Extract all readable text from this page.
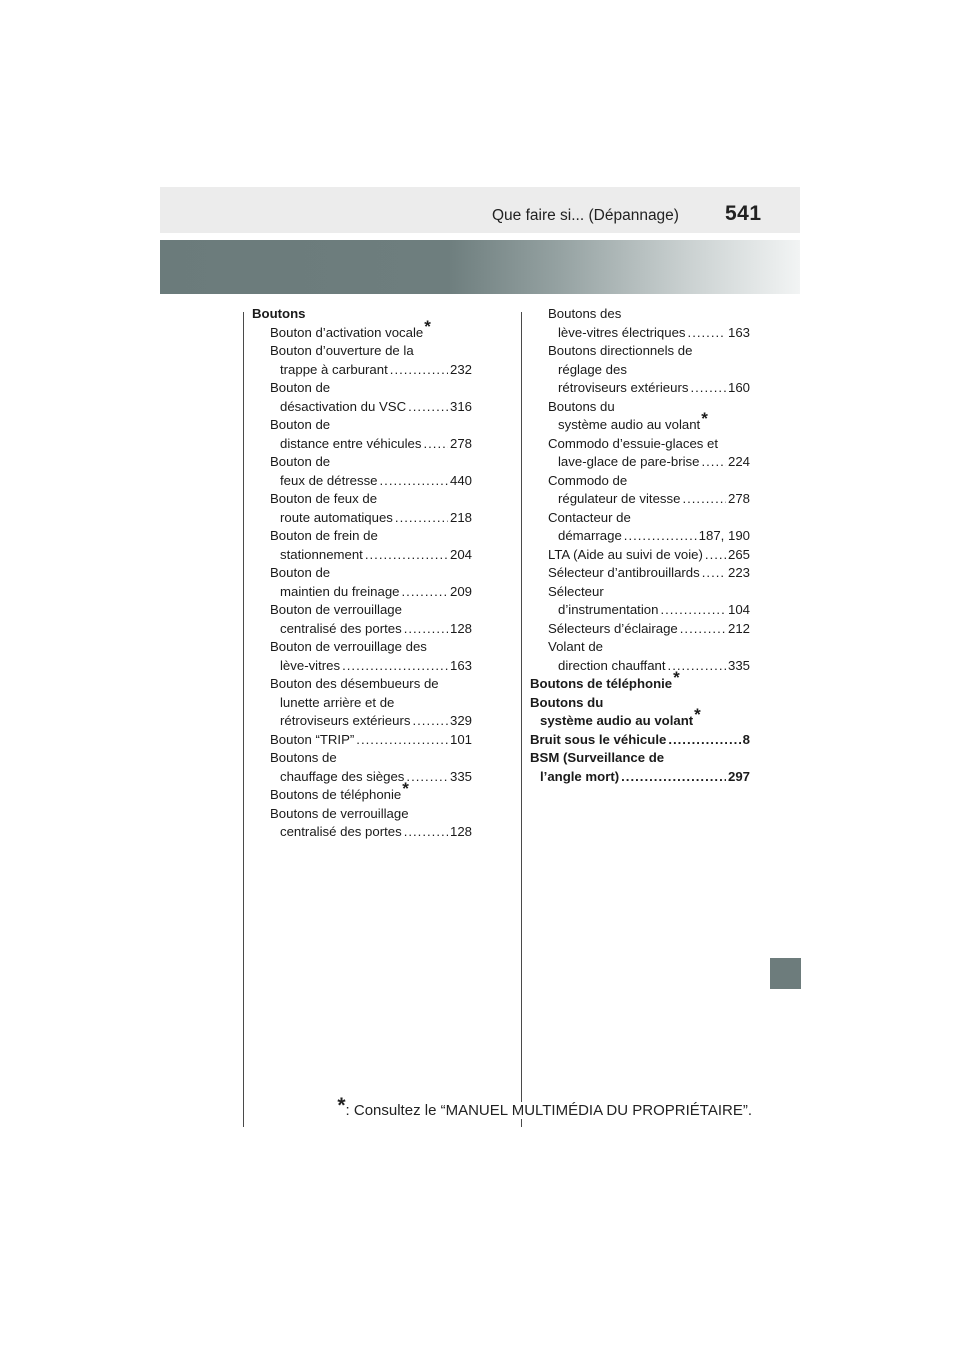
Que faire si... (Dépannage) 541
Boutons
Bouton d’activation vocale *
Bouton d’ouverture de la
trappe à carburant .....	232
Bouton de
désactivation du VSC .....	316
Bouton de
distance entre véhicules ..... 278
Bouton de
feux de détresse .....	440
Bouton de feux de
route automatiques .....	218
Bouton de frein de
stationnement .....	204
Bouton de
maintien du freinage .....	209
Bouton de verrouillage
centralisé des portes .....	128
Bouton de verrouillage des
lève-vitres .....	163
Bouton des désembueurs de
lunette arrière et de
rétroviseurs extérieurs .....	329
Bouton “TRIP” .....	101
Boutons de
chauffage des sièges .....	335
Boutons de téléphonie *
Boutons de verrouillage
centralisé des portes .....	128
Boutons des
lève-vitres électriques .....	163
Boutons directionnels de
réglage des
rétroviseurs extérieurs .....	160
Boutons du
système audio au volant *
Commodo d’essuie-glaces et
lave-glace de pare-brise ..... 224
Commodo de
régulateur de vitesse .....	278
Contacteur de
démarrage .....	187, 190
LTA (Aide au suivi de voie) ..... 265
Sélecteur d’antibrouillards ..... 223
Sélecteur
d’instrumentation .....	104
Sélecteurs d’éclairage .....	212
Volant de
direction chauffant .....	335
Boutons de téléphonie *
Boutons du
système audio au volant *
Bruit sous le véhicule .....	8
BSM (Surveillance de
l’angle mort) .....	297
*: Consultez le “MANUEL MULTIMÉDIA DU PROPRIÉTAIRE”.
